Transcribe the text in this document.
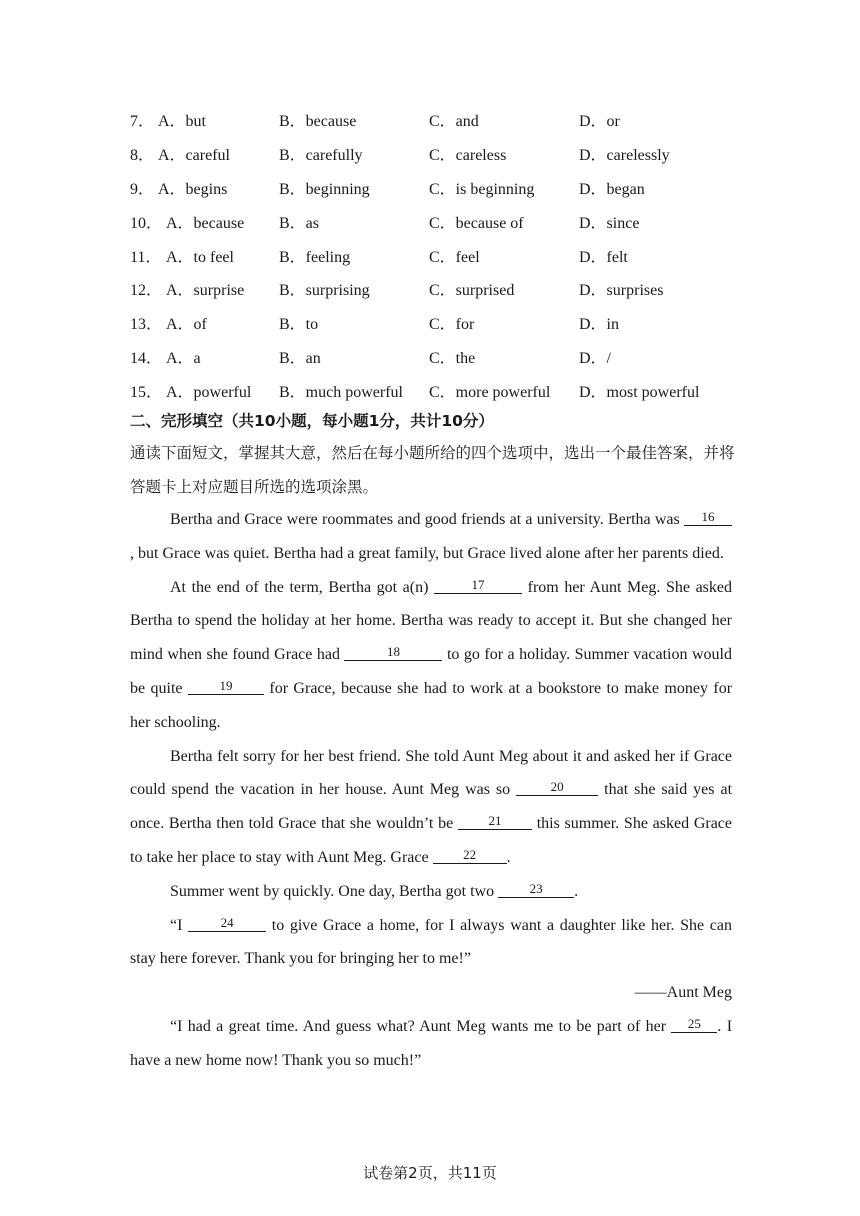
7． A．but	B．because	C．and	D．or
8． A．careful	B．carefully	C．careless	D．carelessly
9． A．begins	B．beginning	C．is beginning	D．began
10． A．because B．as	C．because of	D．since
11． A．to feel	B．feeling	C．feel	D．felt
12． A．surprise B．surprising	C．surprised	D．surprises
13． A．of	B．to	C．for	D．in
14． A．a	B．an	C．the	D．/
15． A．powerful B．much powerful C．more powerful D．most powerful
二、完形填空（共10小题，每小题1分，共计10分）
通读下面短文，掌握其大意，然后在每小题所给的四个选项中，选出一个最佳答案，并将答题卡上对应题目所选的选项涂黑。

Bertha and Grace were roommates and good friends at a university. Bertha was 16, but Grace was quiet. Bertha had a great family, but Grace lived alone after her parents died.

At the end of the term, Bertha got a(n)	17	from her Aunt Meg. She asked Bertha to spend the holiday at her home. Bertha was ready to accept it. But she changed her mind when she found Grace had	18	to go for a holiday. Summer vacation would be quite	19 for Grace, because she had to work at a bookstore to make money for her schooling.

Bertha felt sorry for her best friend. She told Aunt Meg about it and asked her if Grace could spend the vacation in her house. Aunt Meg was so	20	that she said yes at once. Bertha then told Grace that she wouldn’t be	21 this summer. She asked Grace to take her place to stay with Aunt Meg. Grace	22 .

Summer went by quickly. One day, Bertha got two	23 .

“I	24 to give Grace a home, for I always want a daughter like her. She can stay here forever. Thank you for bringing her to me!”

——Aunt Meg

“I had a great time. And guess what? Aunt Meg wants me to be part of her 25 . I have a new home now! Thank you so much!”

试卷第2页，共11页
